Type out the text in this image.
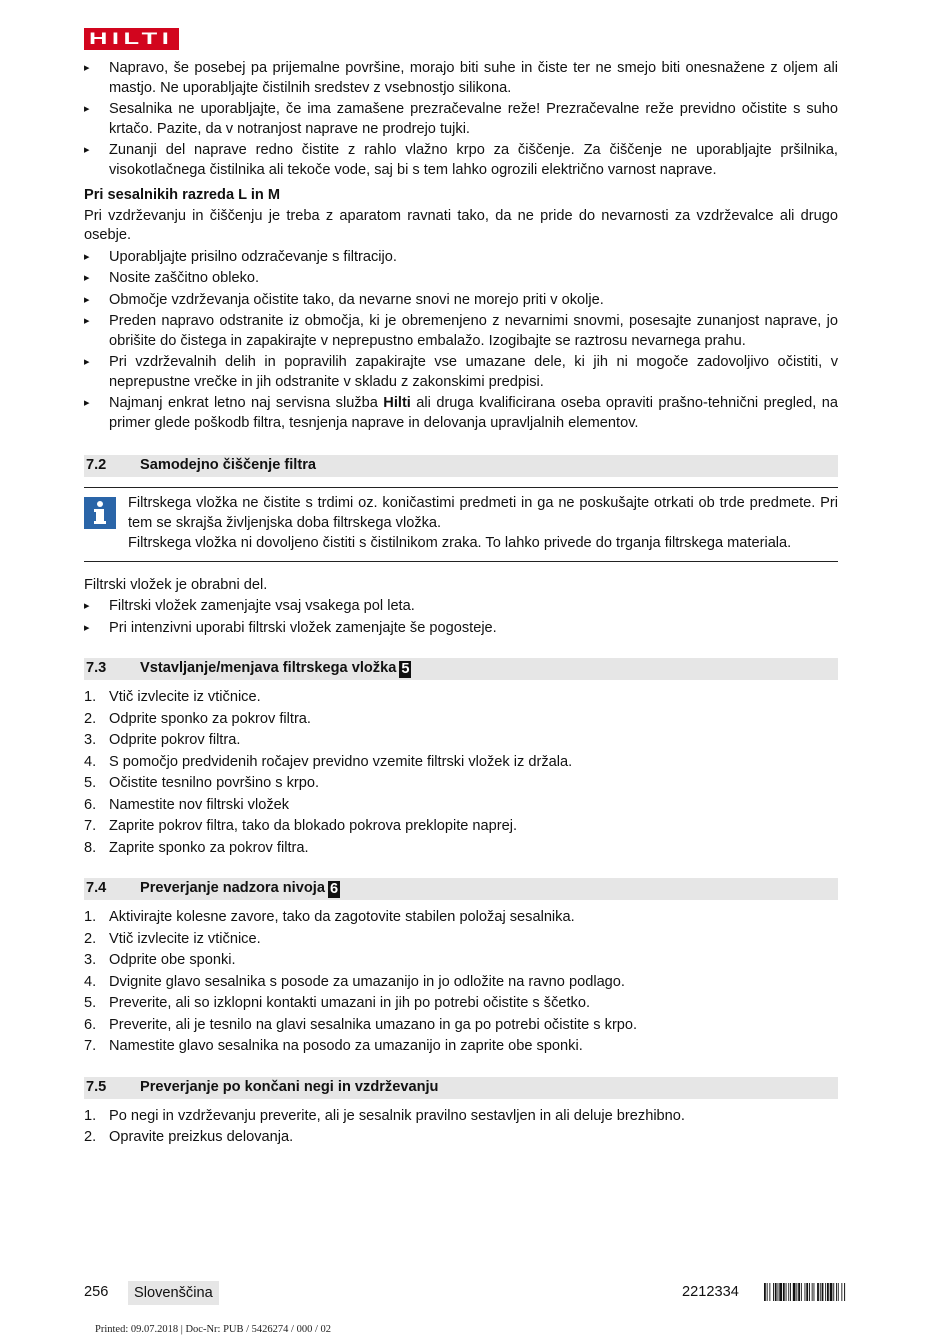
HILTI
▸ Napravo, še posebej pa prijemalne površine, morajo biti suhe in čiste ter ne smejo biti onesnažene z oljem ali mastjo. Ne uporabljajte čistilnih sredstev z vsebnostjo silikona.
▸ Sesalnika ne uporabljajte, če ima zamašene prezračevalne reže! Prezračevalne reže previdno očistite s suho krtačo. Pazite, da v notranjost naprave ne prodrejo tujki.
▸ Zunanji del naprave redno čistite z rahlo vlažno krpo za čiščenje. Za čiščenje ne uporabljajte pršilnika, visokotlačnega čistilnika ali tekoče vode, saj bi s tem lahko ogrozili električno varnost naprave.
Pri sesalnikih razreda L in M

Pri vzdrževanju in čiščenju je treba z aparatom ravnati tako, da ne pride do nevarnosti za vzdrževalce ali drugo osebje.

▸ Uporabljajte prisilno odzračevanje s filtracijo.
▸ Nosite zaščitno obleko.
▸ Območje vzdrževanja očistite tako, da nevarne snovi ne morejo priti v okolje.
▸ Preden napravo odstranite iz območja, ki je obremenjeno z nevarnimi snovmi, posesajte zunanjost naprave, jo obrišite do čistega in zapakirajte v neprepustno embalažo. Izogibajte se raztrosu nevarnega prahu.
▸ Pri vzdrževalnih delih in popravilih zapakirajte vse umazane dele, ki jih ni mogoče zadovoljivo očistiti, v neprepustne vrečke in jih odstranite v skladu z zakonskimi predpisi.
▸ Najmanj enkrat letno naj servisna služba Hilti ali druga kvalificirana oseba opraviti prašno-tehnični pregled, na primer glede poškodb filtra, tesnjenja naprave in delovanja upravljalnih elementov.
7.2	Samodejno čiščenje filtra
Filtrskega vložka ne čistite s trdimi oz. koničastimi predmeti in ga ne poskušajte otrkati ob trde predmete. Pri tem se skrajša življenjska doba filtrskega vložka.
Filtrskega vložka ni dovoljeno čistiti s čistilnikom zraka. To lahko privede do trganja filtrskega materiala.

Filtrski vložek je obrabni del.

▸ Filtrski vložek zamenjajte vsaj vsakega pol leta.
▸ Pri intenzivni uporabi filtrski vložek zamenjajte še pogosteje.
7.3	Vstavljanje/menjava filtrskega vložka 5
1. Vtič izvlecite iz vtičnice.
2. Odprite sponko za pokrov filtra.
3. Odprite pokrov filtra.
4. S pomočjo predvidenih ročajev previdno vzemite filtrski vložek iz držala.
5. Očistite tesnilno površino s krpo.
6. Namestite nov filtrski vložek
7. Zaprite pokrov filtra, tako da blokado pokrova preklopite naprej.
8. Zaprite sponko za pokrov filtra.
7.4	Preverjanje nadzora nivoja 6
1. Aktivirajte kolesne zavore, tako da zagotovite stabilen položaj sesalnika.
2. Vtič izvlecite iz vtičnice.
3. Odprite obe sponki.
4. Dvignite glavo sesalnika s posode za umazanijo in jo odložite na ravno podlago.
5. Preverite, ali so izklopni kontakti umazani in jih po potrebi očistite s ščetko.
6. Preverite, ali je tesnilo na glavi sesalnika umazano in ga po potrebi očistite s krpo.
7. Namestite glavo sesalnika na posodo za umazanijo in zaprite obe sponki.
7.5	Preverjanje po končani negi in vzdrževanju
1. Po negi in vzdrževanju preverite, ali je sesalnik pravilno sestavljen in ali deluje brezhibno.
2. Opravite preizkus delovanja.
256	Slovenščina	2212334
Printed: 09.07.2018 | Doc-Nr: PUB / 5426274 / 000 / 02
